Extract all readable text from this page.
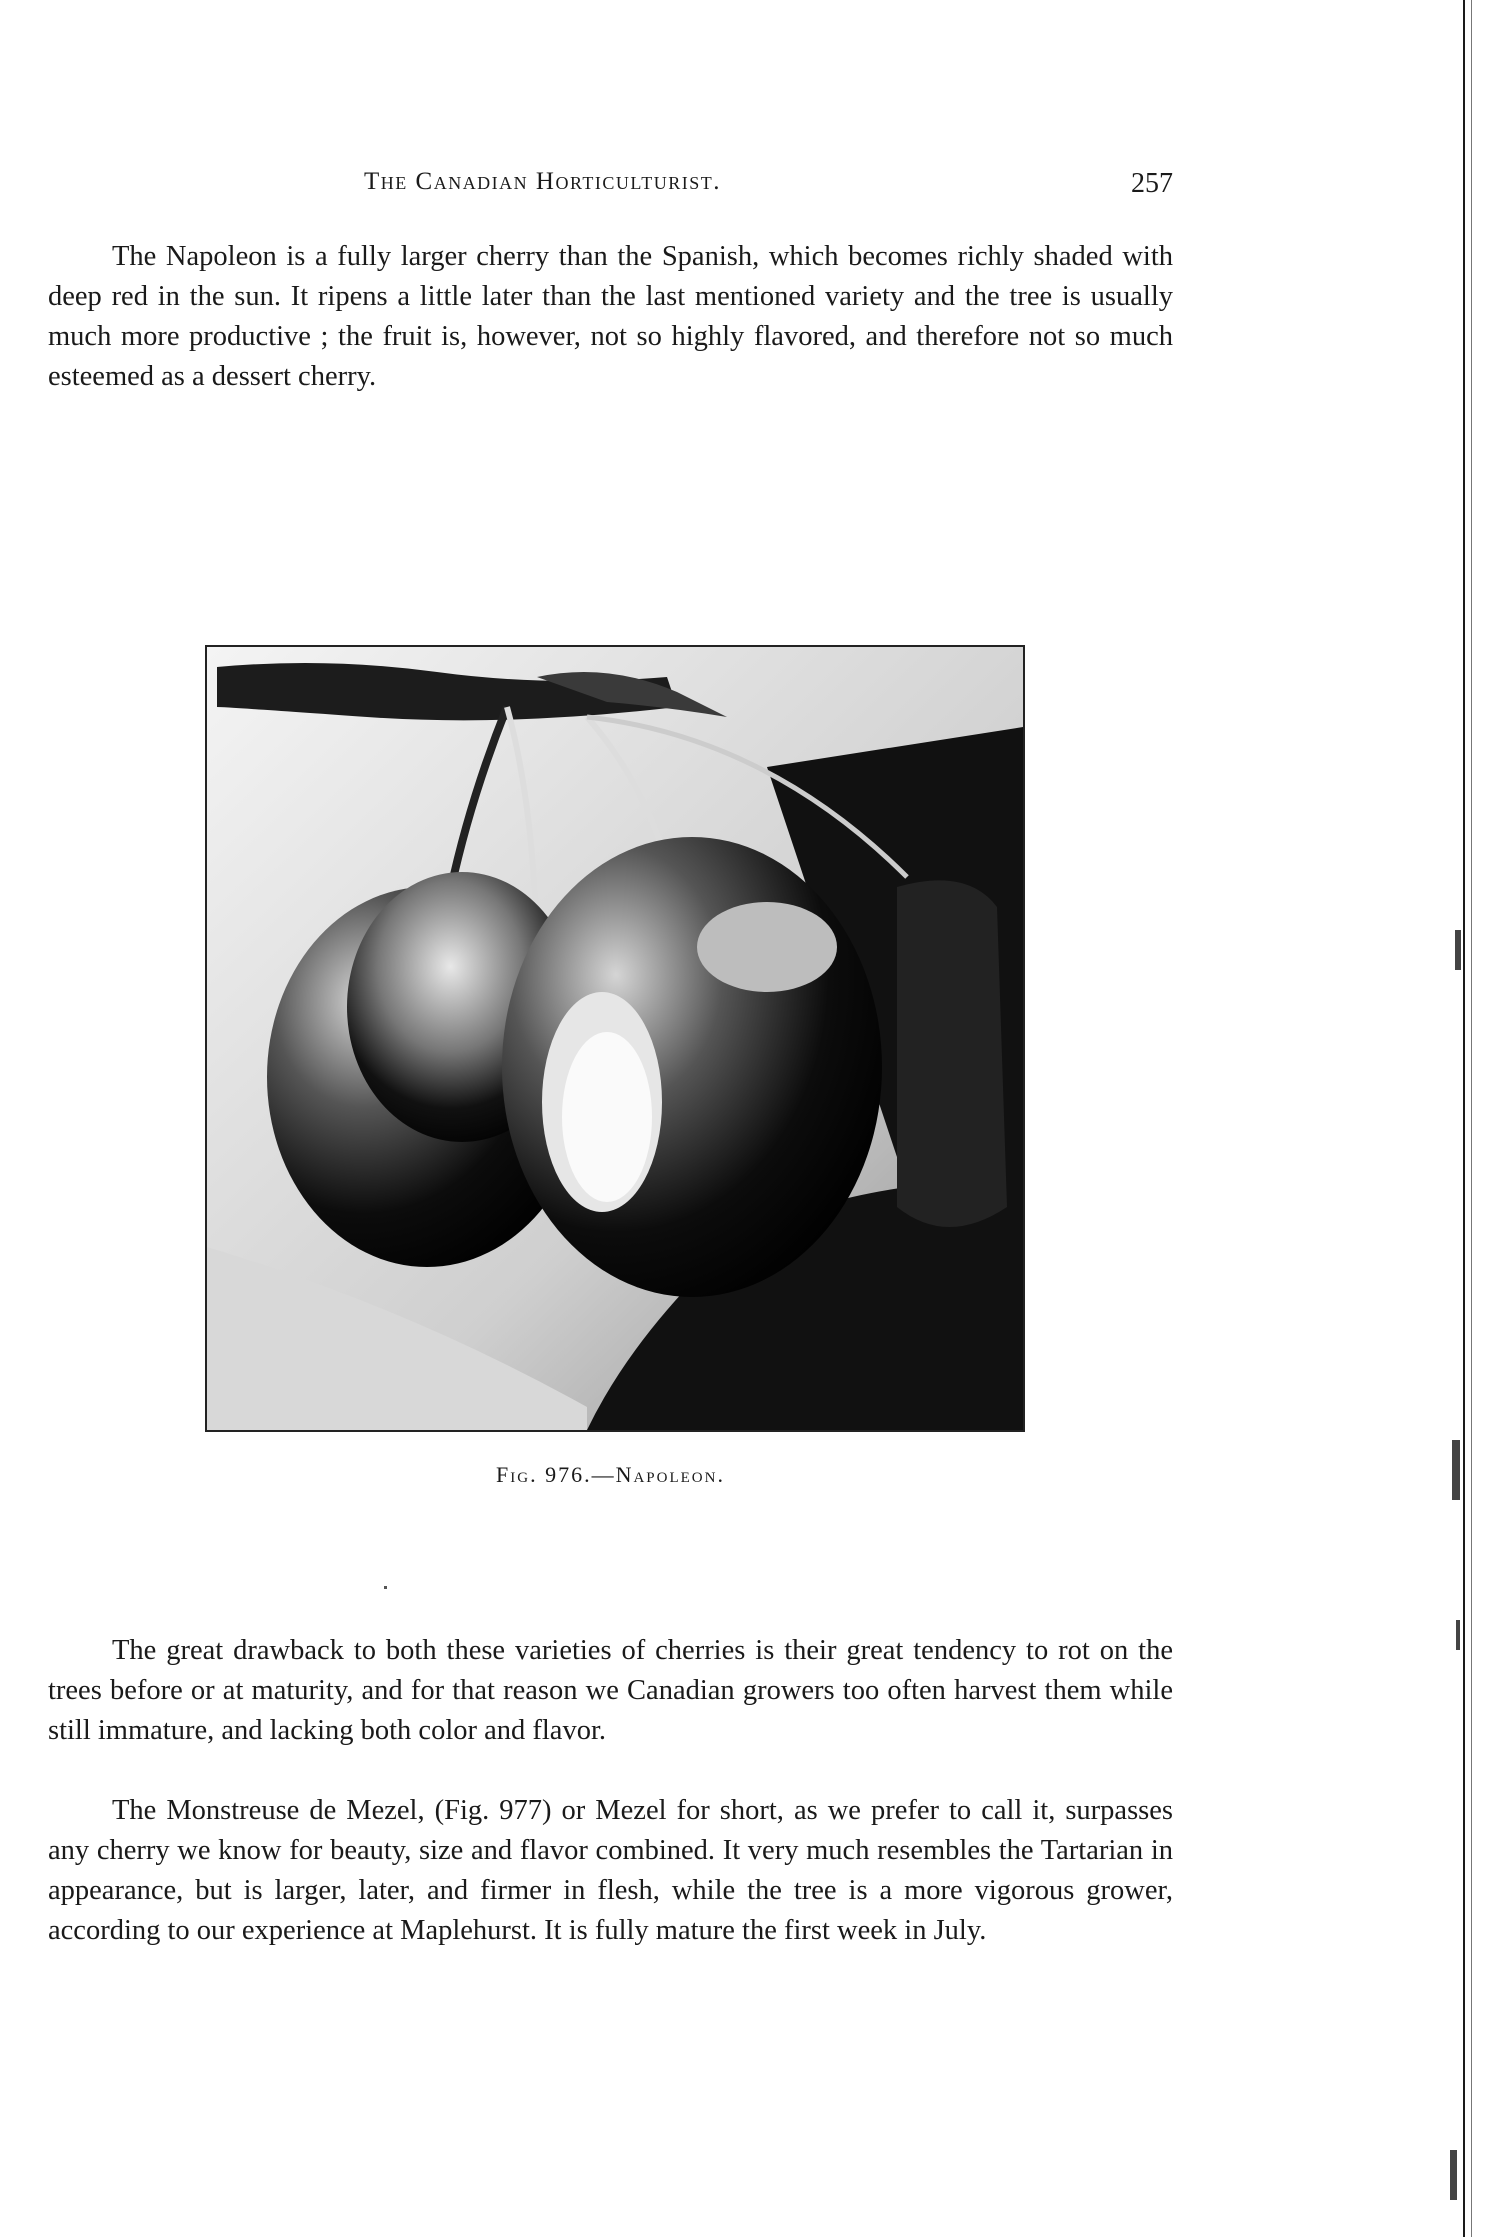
The Canadian Horticulturist.	257

The Napoleon is a fully larger cherry than the Spanish, which becomes richly shaded with deep red in the sun. It ripens a little later than the last mentioned variety and the tree is usually much more productive ; the fruit is, however, not so highly flavored, and therefore not so much esteemed as a dessert cherry.

Fig. 976.—Napoleon.

The great drawback to both these varieties of cherries is their great tendency to rot on the trees before or at maturity, and for that reason we Canadian growers too often harvest them while still immature, and lacking both color and flavor.

The Monstreuse de Mezel, (Fig. 977) or Mezel for short, as we prefer to call it, surpasses any cherry we know for beauty, size and flavor combined. It very much resembles the Tartarian in appearance, but is larger, later, and firmer in flesh, while the tree is a more vigorous grower, according to our experience at Maplehurst. It is fully mature the first week in July.
